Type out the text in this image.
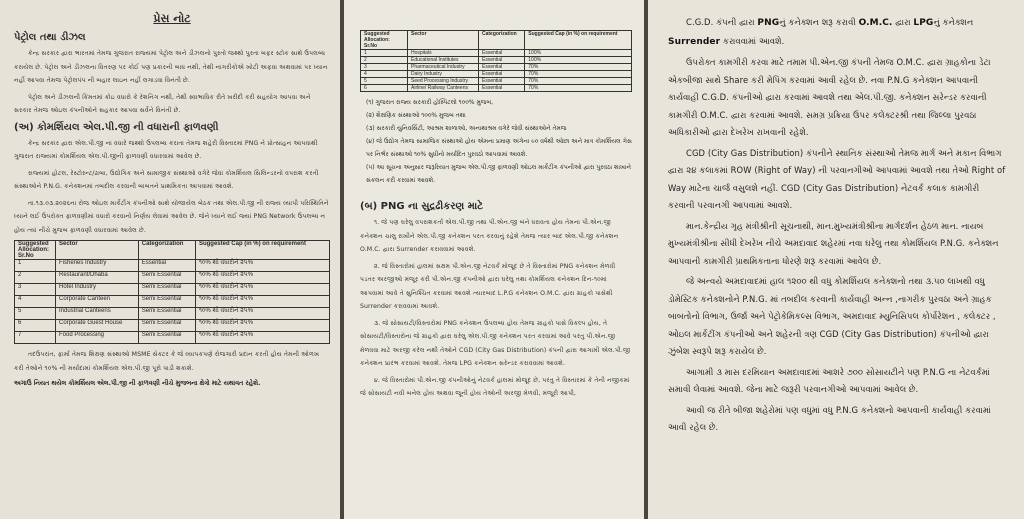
પ્રેસ નોટ
પેટ્રોલ તથા ડીઝલ

કેન્દ્ર સરકાર દ્વારા ભારતમાં તેમજ ગુજરાત રાજ્યમાં પેટ્રોલ અને ડીઝલનો પુરતો જથ્થો પુરતા બફર સ્ટોક સાથે ઉપલબ્ધ કરાયેલ છે. પેટ્રોલ અને ડીઝલના વિતરણ પર કોઈ પણ પ્રકારની બાધ નથી, તેથી નાગરીકોએ ખોટી અફવા અથવામાં પર ધ્યાન નહીં આપવા તેમજ પેટ્રોલપંપ ની બહાર લાઇન નહીં લગાડવા વિનંતી છે.

પેટ્રોલ અને ડીઝલની કિંમતમાં કોઇ વધારો કે રેશનિંગ નથી, તેથી સ્વાભાવિક રીતે ખરીદી કરી સહયોગ આપવા અને સરકાર તેમજ ઓઇલ કંપનીઓને સહકાર આપવા સર્વેને વિનંતી છે.

(અ) કોમર્શિયલ એલ.પી.જી ની વધારાની ફાળવણી

કેન્દ્ર સરકાર દ્વારા એલ.પી.જી ના વધારે જથ્થો ઉપલબ્ધ કરાતા તેમજ શહેરી વિસ્તારમાં PNG ને પ્રોત્સાહન આપવાથી ગુજરાત રાજ્યમાં કોમર્શિયલ એલ.પી.જીની ફાળવણી વધારવામાં આવેલ છે.

રાજ્યમાં હોટલ, રેસ્ટોરન્ટ/ઢાબા, ઉદ્યોગિક અને સામાજીક સંસ્થાઓ વગેરે જેવાં કોમર્શિયલ સિલિન્ડરનો વપરાશ કરતી સંસ્થાઓને P.N.G. કનેક્શનમાં તબદીલ કરવાની બાબતને પ્રાથમિકતા આપવામાં આવશે.

તા.૧૩.૦૩.૨૦૨૬ના રોજ ઓઇલ માર્કેટીંગ કંપનીઓ સાથે યોજાયેલ બેઠક તથા એલ.પી.જી ની રાજ્ય વ્યાપી પરિસ્થિતિને ધ્યાને લઈ ઉપરોક્ત ફાળવણીમાં વધારો કરવાનો નિર્ણય લેવામાં આવેલ છે. જેને ધ્યાને લઈ જ્યાં PNG Network ઉપલબ્ધ ન હોય ત્યાં નીચે મુજબ ફાળવણી વધારવામાં આવેલ છે.

Suggested Allocation: Sr.No	Sector	Categorization	Suggested Cap (in %) on requirement
1	Fisheries Industry	Essential	૧૦% થી વધારીને ૨૫%
2	Restaurant/Dhaba	Semi Essential	૧૦% થી વધારીને ૨૫%
3	Hotel Industry	Semi Essential	૧૦% થી વધારીને ૨૫%
4	Corporate Canteen	Semi Essential	૧૦% થી વધારીને ૨૫%
5	Industrial Canteens	Semi Essential	૧૦% થી વધારીને ૨૫%
6	Corporate Guest House	Semi Essential	૧૦% થી વધારીને ૨૫%
7	Food Processing	Semi Essential	૧૦% થી વધારીને ૨૫%

તદઉપરાંત, ફાર્મા તેમજ શિક્ષણ સંસ્થાઓ MSME સેક્ટર કે જે વ્યાપકપણે રોજગારી પ્રદાન કરતી હોય તેમની ઓળખ કરી તેઓને ૧૦% ની મર્યાદામાં કોમર્શિયલ એલ.પી.જી પૂરો પાડી શકાશે.

અગાઉ નિયત થયેલ કોમર્શિયલ એલ.પી.જી ની ફાળવણી નીચે મુજબના ક્ષેત્રો માટે યથાવત રહેશે.
Suggested Allocation: Sr.No	Sector	Categorization	Suggested Cap (in %) on requirement
1	Hospitals	Essential	100%
2	Educational Institutes	Essential	100%
3	Pharmaceutical Industry	Essential	70%
4	Dairy Industry	Essential	70%
5	Seed Processing Industry	Essential	70%
6	Airline/ Railway Canteens	Essential	70%
(૧) ગુજરાત રાજ્ય સરકારી હોસ્પિટલો ૧૦૦% મુજબ,
(૨) શૈક્ષણિક સંસ્થાઓ ૧૦૦% મુજબ તથા
(૩) સરકારી યુનિવર્સિટી, આશ્રમ શાળાઓ, અનાથાશ્રમ વગેરે જેવી સંસ્થાઓને તેમજ
(૪) જે ઉદ્યોગ તેમજ સામાજિક સંસ્થાઓ હોય એમના પ્રમાણ અંગેના ૯૦ વર્ષથી ઓછા અને માત્ર કોમર્શિયલ ગેસ પર નિર્ભર સંસ્થાઓ ૧૦% સુધીનો મર્યાદિત પુરવઠો આપવામાં આવશે.
(૫) આ સૂચના અનુસાર જરૂરિયાત મુજબ એલ.પી.જી ફાળવણી ઓઇલ માર્કેટીંગ કંપનીઓ દ્વારા પુરવઠા શાખાને સંકલન કરી કરવામાં આવશે.
(બ) PNG ના સુદ્રઢીકરણ માટે

૧. જે પણ ઘરેલુ વપરાશકર્તા એલ.પી.જી તથા પી.એન.જી બંને ધરાવતા હોય તેમના પી.એન.જી કનેક્શન ચાલુ રાખીને એલ.પી.જી કનેક્શન પરત કરવાનું રહેશે તેમજ ત્યાર બાદ એલ.પી.જી કનેક્શન O.M.C. દ્વારા Surrender કરાવવામાં આવશે.

૨. જે વિસ્તારોમાં હાલમાં સક્ષમ પી.એન.જી નેટવર્ક મોજૂદ છે તે વિસ્તારોમાં PNG કનેક્શન મેળવી પડતર અરજીઓ મંજૂર કરી પી.એન.જી કંપનીઓ દ્વારા ઘરેલુ તથા કોમર્શિયલ કનેક્શન દિન-૧૦માં આપવામાં આવે તે સુનિશ્ચિત કરવામાં આવશે ત્યારબાદ L.P.G કનેક્શન O.M.C. દ્વારા ગ્રાહકો પાસેથી Surrender કરાવવામાં આવશે.

૩. જે સોસાયટી/વિસ્તારોમાં PNG કનેક્શન ઉપલબ્ધ હોય તેમજ ગ્રાહકો પાસે વિકલ્પ હોય, તે સોસાયટી/વિસ્તારોના જે ગ્રાહકો દ્વારા ઘરેલુ એલ.પી.જી કનેક્શન પરત કરવામાં આવે પરંતુ પી.એન.જી મેળવવા માટે અરજી કરેલ નથી તેઓને CGD (City Gas Distribution) કંપની દ્વારા આગામી એલ.પી.જી કનેક્શન પ્રારંભ કરવામાં આવશે. તેમજ LPG કનેક્શન સરેન્ડર કરાવવામાં આવશે.

૪. જે વિસ્તારોમાં પી.એન.જી કંપનીઓનું નેટવર્ક હાલમાં મોજૂદ છે, પરંતુ તે વિસ્તારમાં કે તેની નજીકમાં જે સોસાયટી નવી બનેલ હોય અથવા જૂની હોય તેઓની અરજી મેળવી, મંજૂરી આપી,

C.G.D. કંપની દ્વારા PNGનું કનેક્શન શરૂ કરાવી O.M.C. દ્વારા LPGનું કનેક્શન Surrender કરાવવામાં આવશે.

ઉપરોક્ત કામગીરી કરવા માટે તમામ પી.એન.જી કંપની તેમજ O.M.C. દ્વારા ગ્રાહકોના ડેટા એકબીજા સાથે Share કરી મેપિંગ કરવામાં આવી રહેલ છે. નવા P.N.G કનેક્શન આપવાની કાર્યવાહી C.G.D. કંપનીઓ દ્વારા કરવામાં આવશે તથા એલ.પી.જી. કનેક્શન સરેન્ડર કરવાની કામગીરી O.M.C. દ્વારા કરવામાં આવશે. સમગ્ર પ્રક્રિયા ઉપર કલેક્ટરશ્રી તથા જિલ્લા પુરવઠા અધિકારીઓ દ્વારા દેખરેખ રાખવાની રહેશે.

CGD (City Gas Distribution) કંપનીને સ્થાનિક સંસ્થાઓ તેમજ માર્ગ અને મકાન વિભાગ દ્વારા ૨૪ કલાકમાં ROW (Right of Way) ની પરવાનગીઓ આપવામાં આવશે તથા તેઓ Right of Way માટેના ચાર્જ વસુલશે નહીં. CGD (City Gas Distribution) નેટવર્ક કલાક કામગીરી કરવાની પરવાનગી આપવામાં આવશે.

માન.કેન્દ્રીય ગૃહ મંત્રીશ્રીની સૂચનાથી, માન.મુખ્યમંત્રીશ્રીના માર્ગદર્શન હેઠળ માન. નાયબ મુખ્યમંત્રીશ્રીના સીધી દેખરેખ નીચે અમદાવાદ શહેરમાં નવા ઘરેલુ તથા કોમર્શિયલ P.N.G. કનેક્શન આપવાની કામગીરી પ્રાથમિકતાના ધોરણે શરૂ કરવામાં આવેલ છે.

જે અન્વયે અમદાવાદમાં હાલ ૧૨૦૦ થી વધુ કોમર્શિયલ કનેક્શનો તથા ૩.૫૦ લાખથી વધુ ડોમેસ્ટિક કનેક્શનોને P.N.G. માં તબદીલ કરવાની કાર્યવાહી અન્ન ,નાગરીક પુરવઠા અને ગ્રાહક બાબતોનો વિભાગ, ઉર્જા અને પેટ્રોકેમિકલ્સ વિભાગ, અમદાવાદ મ્યુનિસિપલ કોર્પોરેશન , કલેક્ટર , ઓઇલ માર્કેટીંગ કંપનીઓ અને શહેરની ત્રણ CGD (City Gas Distribution) કંપનીઓ દ્વારા ઝુંબેશ સ્વરૂપે શરૂ કરાયેલ છે.

આગામી ૩ માસ દરમિયાન અમદાવાદમાં આશરે ૭૦૦ સોસાયટીને પણ P.N.G ના નેટવર્કમાં સમાવી લેવામાં આવશે. જેના માટે જરૂરી પરવાનગીઓ આપવામાં આવેલ છે.

આવી જ રીતે બીજા શહેરોમાં પણ વધુમાં વધુ P.N.G કનેક્શનો આપવાની કાર્યવાહી કરવામાં આવી રહેલ છે.
